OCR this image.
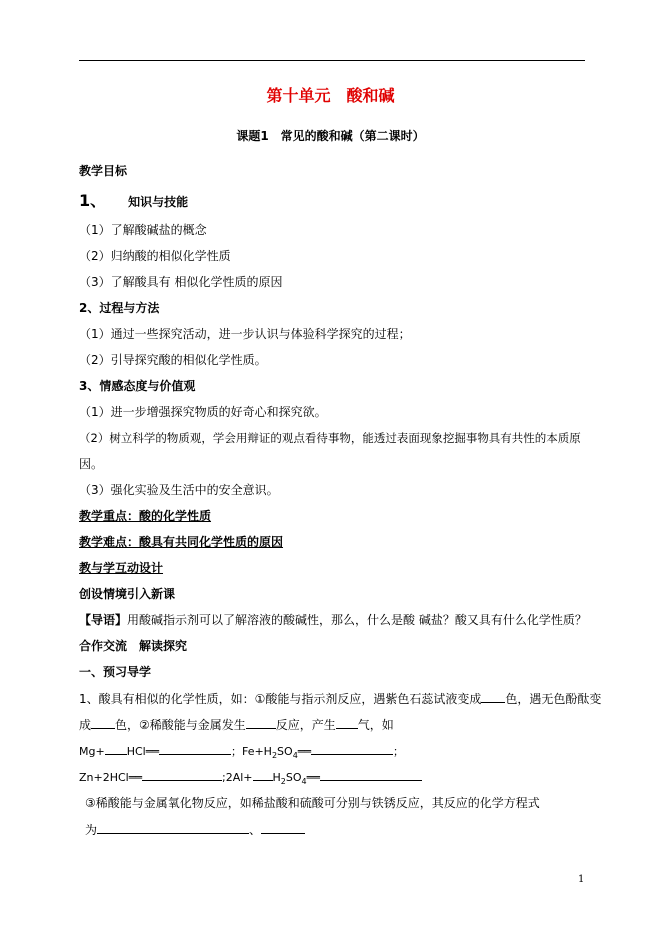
第十单元　酸和碱
课题1　常见的酸和碱（第二课时）
教学目标
1、 知识与技能
（1）了解酸碱盐的概念
（2）归纳酸的相似化学性质
（3）了解酸具有 相似化学性质的原因
2、过程与方法
（1）通过一些探究活动，进一步认识与体验科学探究的过程；
（2）引导探究酸的相似化学性质。
3、情感态度与价值观
（1）进一步增强探究物质的好奇心和探究欲。
（2）树立科学的物质观，学会用辩证的观点看待事物，能透过表面现象挖掘事物具有共性的本质原
因。
（3）强化实验及生活中的安全意识。
教学重点：酸的化学性质
教学难点：酸具有共同化学性质的原因
教与学互动设计
创设情境引入新课
【导语】用酸碱指示剂可以了解溶液的酸碱性，那么，什么是酸 碱盐？酸又具有什么化学性质？
合作交流　解读探究
一、预习导学
1、酸具有相似的化学性质，如：①酸能与指示剂反应，遇紫色石蕊试液变成 色，遇无色酚酞变
成 色，②稀酸能与金属发生	反应，产生 气，如
Mg+ HCl══	；$Fe+H_2SO_4══$	；
Zn+2HCl══	;2Al+ $H_2SO_4══$
③稀酸能与金属氧化物反应，如稀盐酸和硫酸可分别与铁锈反应，其反应的化学方程式
为	、
1
